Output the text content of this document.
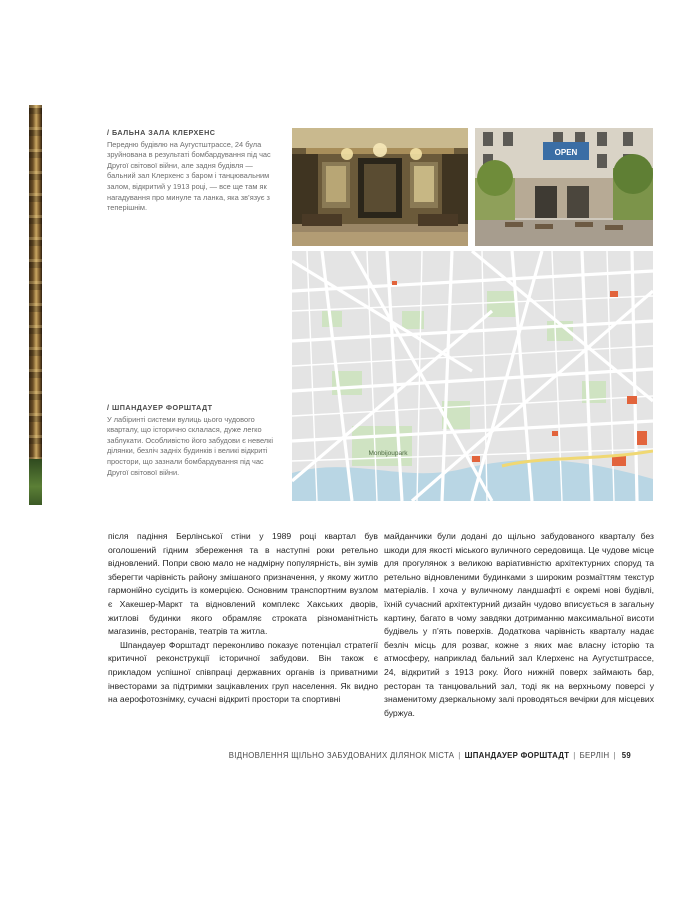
/ БАЛЬНА ЗАЛА КЛЕРХЕНС
Передню будівлю на Аугустштрассе, 24 була зруйнована в результаті бомбардування під час Другої світової війни, але задня будівля — бальний зал Клерхенс з баром і танцювальним залом, відкритий у 1913 році, — все ще там як нагадування про минуле та ланка, яка зв’язує з теперішнім.
/ ШПАНДАУЕР ФОРШТАДТ
У лабіринті системи вулиць цього чудового кварталу, що історично склалася, дуже легко заблукати. Особливістю його забудови є невелкі ділянки, безліч задніх будинків і великі відкриті простори, що зазнали бомбардування під час Другої світової війни.
OPEN
Monbijoupark

після падіння Берлінської стіни у 1989 році квартал був оголошений гідним збереження та в наступні роки ретельно відновлений. Попри свою мало не надмірну популярність, він зумів зберегти чарівність району змішаного призначення, у якому житло гармонійно сусідить із комерцією. Основним транспортним вузлом є Хакешер-Маркт та відновлений комплекс Хакських дворів, житлові будинки якого обрамляє строката різноманітність магазинів, ресторанів, театрів та житла.

Шпандауер Форштадт переконливо показує потенціал стратегії критичної реконструкції історичної забудови. Він також є прикладом успішної співпраці державних органів із приватними інвесторами за підтримки зацікавлених груп населення. Як видно на аерофотознімку, сучасні відкриті простори та спортивні

майданчики були додані до щільно забудованого кварталу без шкоди для якості міського вуличного середовища. Це чудове місце для прогулянок з великою варіативністю архітектурних споруд та ретельно відновленими будинками з широким розмаїттям текстур матеріалів. І хоча у вуличному ландшафті є окремі нові будівлі, їхній сучасний архітектурний дизайн чудово вписується в загальну картину, багато в чому завдяки дотриманню максимальної висоти будівель у п’ять поверхів. Додаткова чарівність кварталу надає безліч місць для розваг, кожне з яких має власну історію та атмосферу, наприклад бальний зал Клерхенс на Аугустштрассе, 24, відкритий з 1913 року. Його нижній поверх займають бар, ресторан та танцювальний зал, тоді як на верхньому поверсі у знаменитому дзеркальному залі проводяться вечірки для місцевих буржуа.

ВІДНОВЛЕННЯ ЩІЛЬНО ЗАБУДОВАНИХ ДІЛЯНОК МІСТА | ШПАНДАУЕР ФОРШТАДТ | БЕРЛІН | 59
